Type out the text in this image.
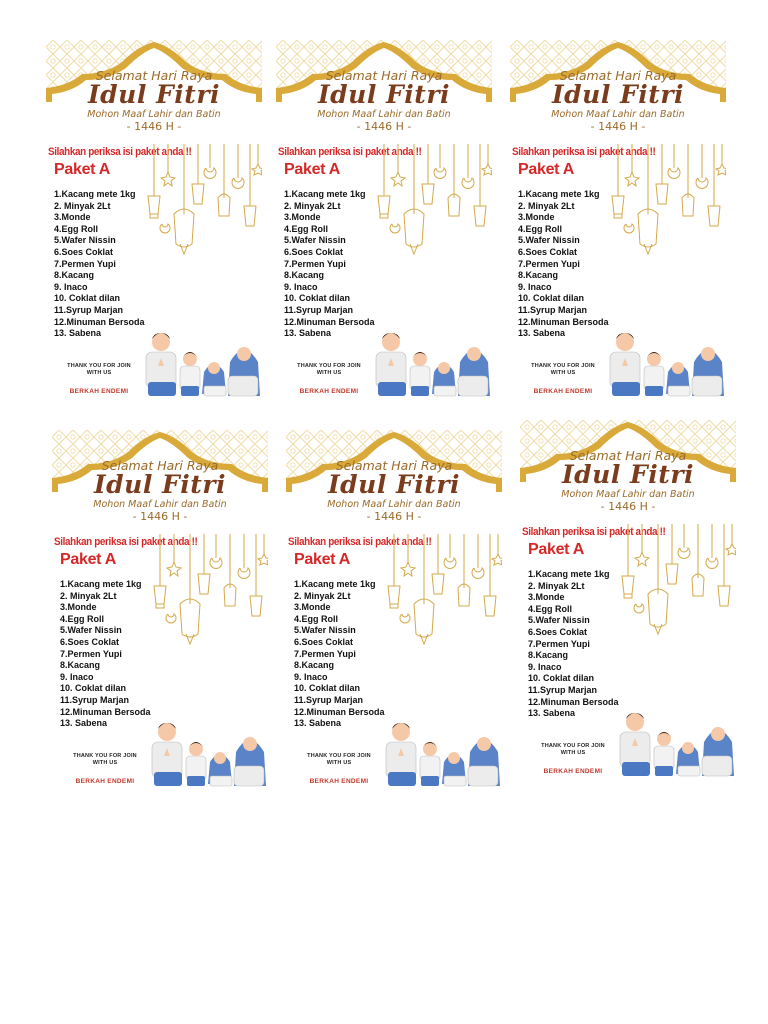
Selamat Hari Raya
Idul Fitri
Mohon Maaf Lahir dan Batin
- 1446 H -
Silahkan periksa isi paket anda !!
Paket A
1.Kacang mete 1kg
2. Minyak 2Lt
3.Monde
4.Egg Roll
5.Wafer Nissin
6.Soes Coklat
7.Permen Yupi
8.Kacang
9. Inaco
10. Coklat dilan
11.Syrup Marjan
12.Minuman Bersoda
13. Sabena
THANK YOU FOR JOIN
WITH US
BERKAH ENDEMI
Selamat Hari Raya
Idul Fitri
Mohon Maaf Lahir dan Batin
- 1446 H -
Silahkan periksa isi paket anda !!
Paket A
1.Kacang mete 1kg
2. Minyak 2Lt
3.Monde
4.Egg Roll
5.Wafer Nissin
6.Soes Coklat
7.Permen Yupi
8.Kacang
9. Inaco
10. Coklat dilan
11.Syrup Marjan
12.Minuman Bersoda
13. Sabena
THANK YOU FOR JOIN
WITH US
BERKAH ENDEMI
Selamat Hari Raya
Idul Fitri
Mohon Maaf Lahir dan Batin
- 1446 H -
Silahkan periksa isi paket anda !!
Paket A
1.Kacang mete 1kg
2. Minyak 2Lt
3.Monde
4.Egg Roll
5.Wafer Nissin
6.Soes Coklat
7.Permen Yupi
8.Kacang
9. Inaco
10. Coklat dilan
11.Syrup Marjan
12.Minuman Bersoda
13. Sabena
THANK YOU FOR JOIN
WITH US
BERKAH ENDEMI
Selamat Hari Raya
Idul Fitri
Mohon Maaf Lahir dan Batin
- 1446 H -
Silahkan periksa isi paket anda !!
Paket A
1.Kacang mete 1kg
2. Minyak 2Lt
3.Monde
4.Egg Roll
5.Wafer Nissin
6.Soes Coklat
7.Permen Yupi
8.Kacang
9. Inaco
10. Coklat dilan
11.Syrup Marjan
12.Minuman Bersoda
13. Sabena
THANK YOU FOR JOIN
WITH US
BERKAH ENDEMI
Selamat Hari Raya
Idul Fitri
Mohon Maaf Lahir dan Batin
- 1446 H -
Silahkan periksa isi paket anda !!
Paket A
1.Kacang mete 1kg
2. Minyak 2Lt
3.Monde
4.Egg Roll
5.Wafer Nissin
6.Soes Coklat
7.Permen Yupi
8.Kacang
9. Inaco
10. Coklat dilan
11.Syrup Marjan
12.Minuman Bersoda
13. Sabena
THANK YOU FOR JOIN
WITH US
BERKAH ENDEMI
Selamat Hari Raya
Idul Fitri
Mohon Maaf Lahir dan Batin
- 1446 H -
Silahkan periksa isi paket anda !!
Paket A
1.Kacang mete 1kg
2. Minyak 2Lt
3.Monde
4.Egg Roll
5.Wafer Nissin
6.Soes Coklat
7.Permen Yupi
8.Kacang
9. Inaco
10. Coklat dilan
11.Syrup Marjan
12.Minuman Bersoda
13. Sabena
THANK YOU FOR JOIN
WITH US
BERKAH ENDEMI
